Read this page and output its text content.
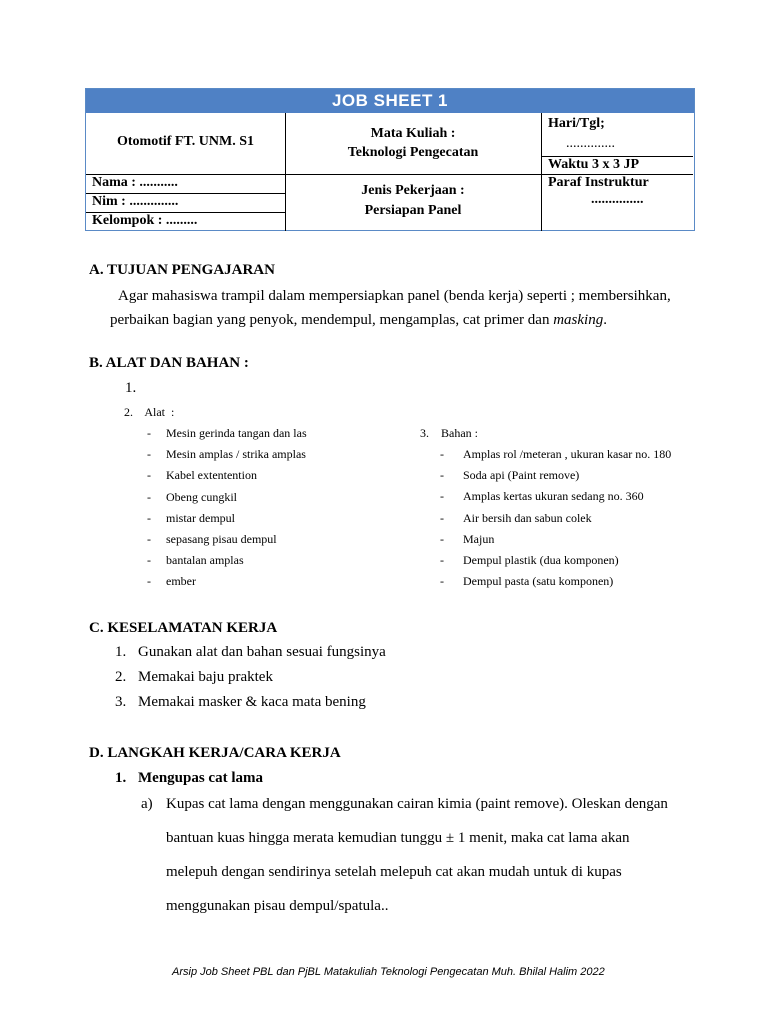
JOB SHEET 1
Otomotif FT. UNM. S1
Mata Kuliah :
Teknologi Pengecatan
Hari/Tgl;
..............
Waktu 3 x 3 JP
Nama : ...........
Nim : ..............
Kelompok : .........
Jenis Pekerjaan :
Persiapan Panel
Paraf Instruktur
...............
A. TUJUAN PENGAJARAN
Agar mahasiswa trampil dalam mempersiapkan panel (benda kerja) seperti ; membersihkan,
perbaikan bagian yang penyok, mendempul, mengamplas, cat primer dan masking.
B. ALAT DAN BAHAN :
1.
2.    Alat  :
3.    Bahan :
- Mesin gerinda tangan dan las
- Mesin amplas / strika amplas
- Kabel extentention
- Obeng cungkil
- mistar dempul
- sepasang pisau dempul
- bantalan amplas
- ember
- Amplas rol /meteran , ukuran kasar no. 180
- Soda api (Paint remove)
- Amplas kertas ukuran sedang no. 360
- Air bersih dan sabun colek
- Majun
- Dempul plastik (dua komponen)
- Dempul pasta (satu komponen)
C. KESELAMATAN KERJA
1. Gunakan alat dan bahan sesuai fungsinya
2. Memakai baju praktek
3. Memakai masker & kaca mata bening
D. LANGKAH KERJA/CARA KERJA
1. Mengupas cat lama
a) Kupas cat lama dengan menggunakan cairan kimia (paint remove). Oleskan dengan
bantuan kuas hingga merata kemudian tunggu ± 1 menit, maka cat lama akan
melepuh dengan sendirinya setelah melepuh cat akan mudah untuk di kupas
menggunakan pisau dempul/spatula..
Arsip Job Sheet PBL dan PjBL Matakuliah Teknologi Pengecatan Muh. Bhilal Halim 2022
